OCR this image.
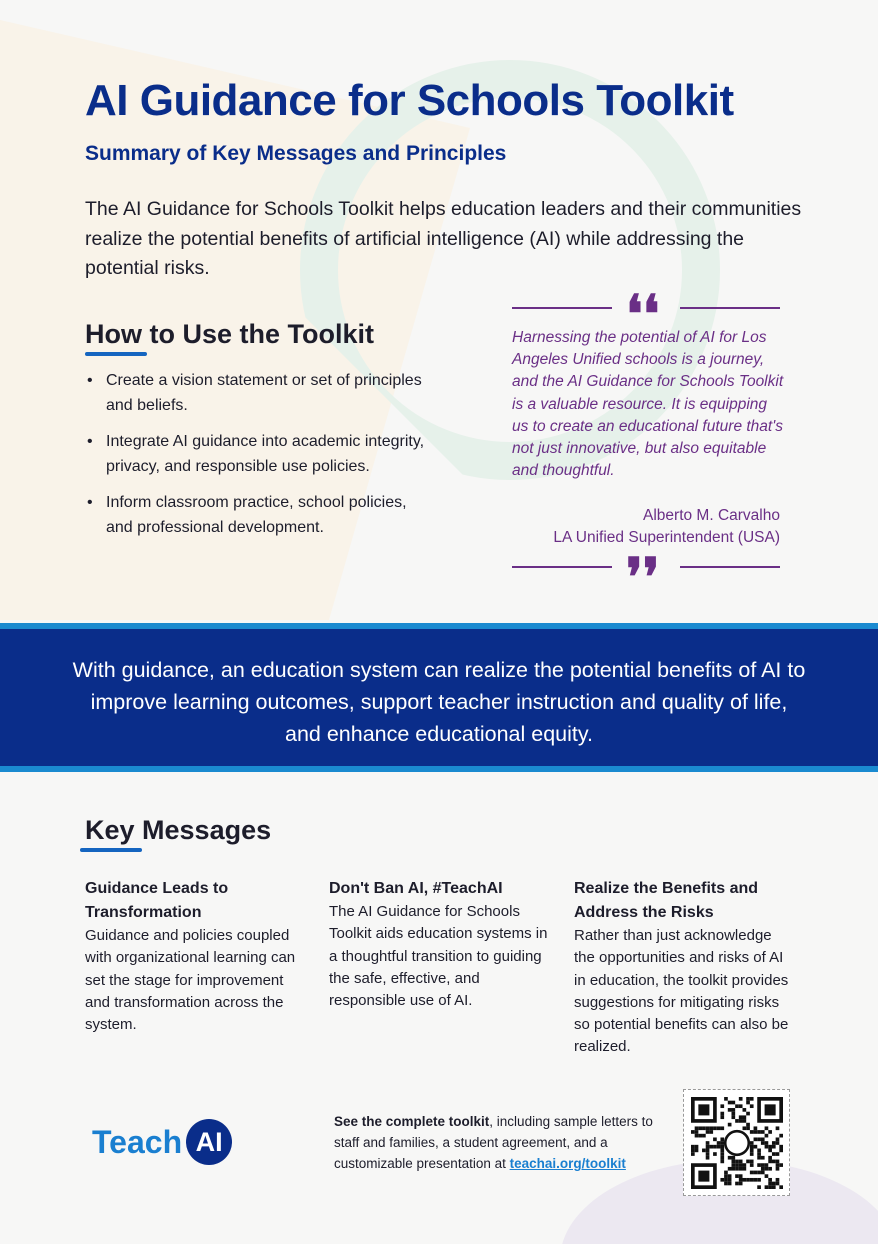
AI Guidance for Schools Toolkit
Summary of Key Messages and Principles

The AI Guidance for Schools Toolkit helps education leaders and their communities realize the potential benefits of artificial intelligence (AI) while addressing the potential risks.

How to Use the Toolkit
• Create a vision statement or set of principles and beliefs.
• Integrate AI guidance into academic integrity, privacy, and responsible use policies.
• Inform classroom practice, school policies, and professional development.
❛❛

Harnessing the potential of AI for Los Angeles Unified schools is a journey, and the AI Guidance for Schools Toolkit is a valuable resource. It is equipping us to create an educational future that's not just innovative, but also equitable and thoughtful.

Alberto M. Carvalho
LA Unified Superintendent (USA)
❜❜

With guidance, an education system can realize the potential benefits of AI to improve learning outcomes, support teacher instruction and quality of life, and enhance educational equity.

Key Messages
Guidance Leads to Transformation
Guidance and policies coupled with organizational learning can set the stage for improvement and transformation across the system.
Don't Ban AI, #TeachAI
The AI Guidance for Schools Toolkit aids education systems in a thoughtful transition to guiding the safe, effective, and responsible use of AI.
Realize the Benefits and Address the Risks
Rather than just acknowledge the opportunities and risks of AI in education, the toolkit provides suggestions for mitigating risks so potential benefits can also be realized.
Teach AI

See the complete toolkit, including sample letters to staff and families, a student agreement, and a customizable presentation at teachai.org/toolkit
